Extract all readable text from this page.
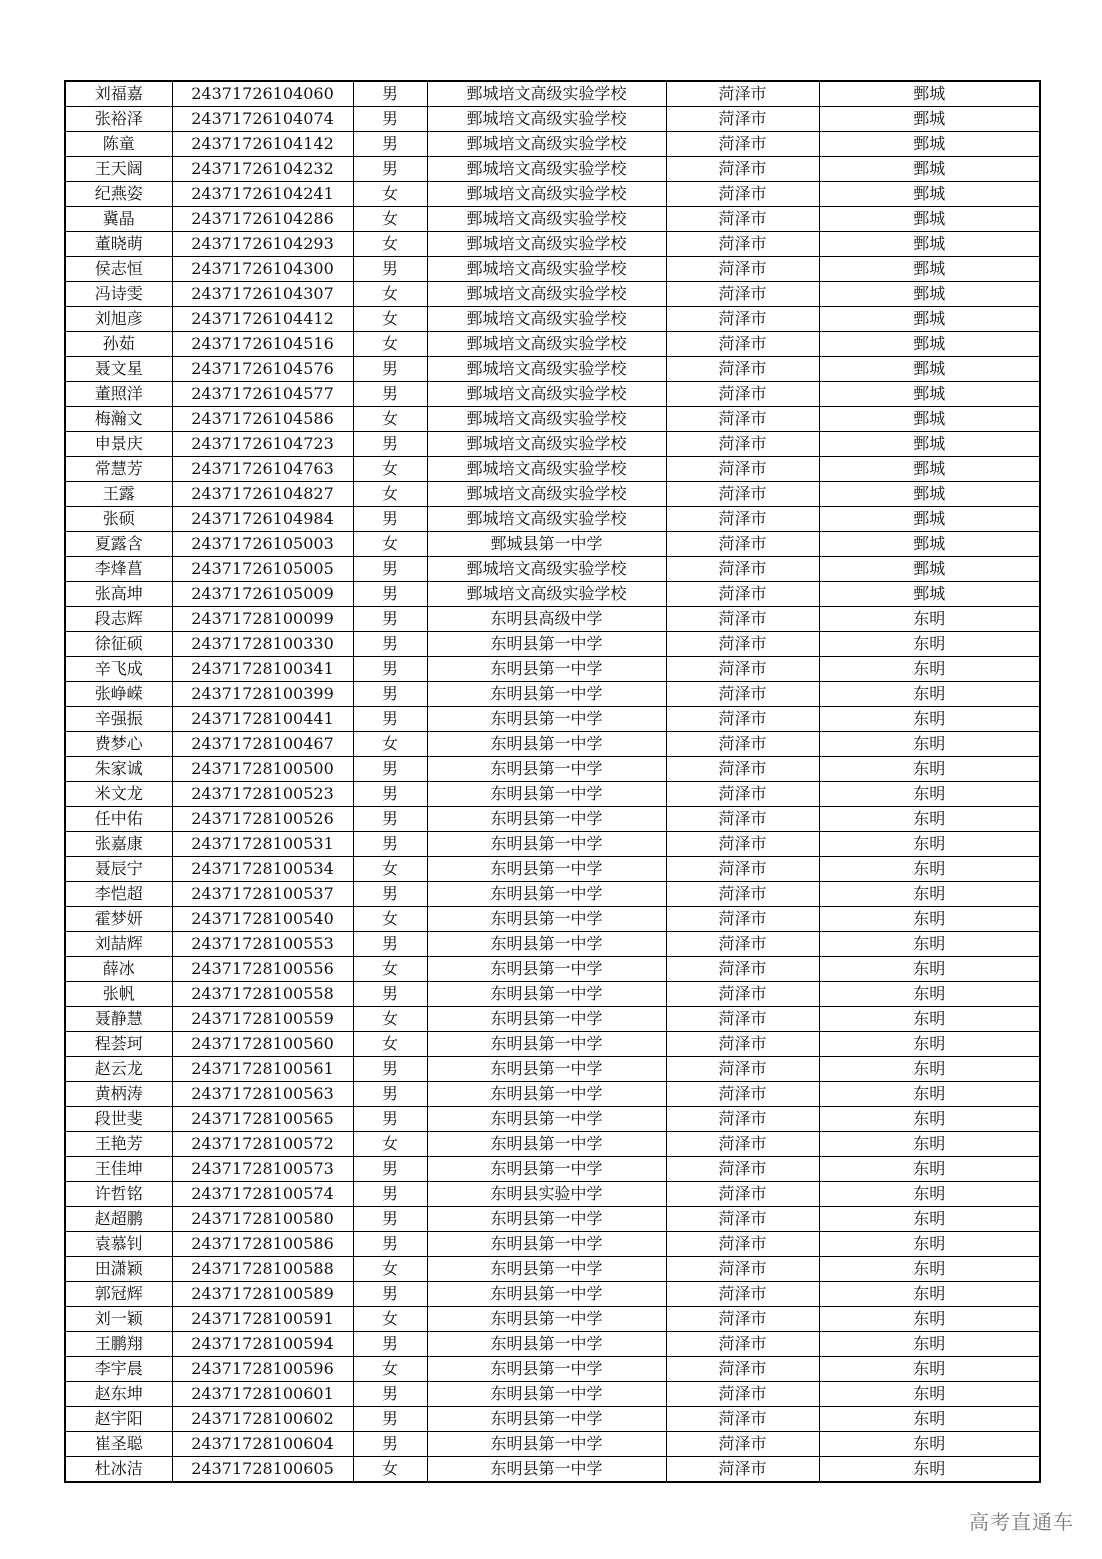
刘福嘉	24371726104060	男	鄄城培文高级实验学校	菏泽市	鄄城
张裕泽	24371726104074	男	鄄城培文高级实验学校	菏泽市	鄄城
陈童	24371726104142	男	鄄城培文高级实验学校	菏泽市	鄄城
王天阔	24371726104232	男	鄄城培文高级实验学校	菏泽市	鄄城
纪燕姿	24371726104241	女	鄄城培文高级实验学校	菏泽市	鄄城
冀晶	24371726104286	女	鄄城培文高级实验学校	菏泽市	鄄城
董晓萌	24371726104293	女	鄄城培文高级实验学校	菏泽市	鄄城
侯志恒	24371726104300	男	鄄城培文高级实验学校	菏泽市	鄄城
冯诗雯	24371726104307	女	鄄城培文高级实验学校	菏泽市	鄄城
刘旭彦	24371726104412	女	鄄城培文高级实验学校	菏泽市	鄄城
孙茹	24371726104516	女	鄄城培文高级实验学校	菏泽市	鄄城
聂文星	24371726104576	男	鄄城培文高级实验学校	菏泽市	鄄城
董照洋	24371726104577	男	鄄城培文高级实验学校	菏泽市	鄄城
梅瀚文	24371726104586	女	鄄城培文高级实验学校	菏泽市	鄄城
申景庆	24371726104723	男	鄄城培文高级实验学校	菏泽市	鄄城
常慧芳	24371726104763	女	鄄城培文高级实验学校	菏泽市	鄄城
王露	24371726104827	女	鄄城培文高级实验学校	菏泽市	鄄城
张硕	24371726104984	男	鄄城培文高级实验学校	菏泽市	鄄城
夏露含	24371726105003	女	鄄城县第一中学	菏泽市	鄄城
李烽菖	24371726105005	男	鄄城培文高级实验学校	菏泽市	鄄城
张高坤	24371726105009	男	鄄城培文高级实验学校	菏泽市	鄄城
段志辉	24371728100099	男	东明县高级中学	菏泽市	东明
徐征硕	24371728100330	男	东明县第一中学	菏泽市	东明
辛飞成	24371728100341	男	东明县第一中学	菏泽市	东明
张峥嵘	24371728100399	男	东明县第一中学	菏泽市	东明
辛强振	24371728100441	男	东明县第一中学	菏泽市	东明
费梦心	24371728100467	女	东明县第一中学	菏泽市	东明
朱家诚	24371728100500	男	东明县第一中学	菏泽市	东明
米文龙	24371728100523	男	东明县第一中学	菏泽市	东明
任中佑	24371728100526	男	东明县第一中学	菏泽市	东明
张嘉康	24371728100531	男	东明县第一中学	菏泽市	东明
聂辰宁	24371728100534	女	东明县第一中学	菏泽市	东明
李恺超	24371728100537	男	东明县第一中学	菏泽市	东明
霍梦妍	24371728100540	女	东明县第一中学	菏泽市	东明
刘喆辉	24371728100553	男	东明县第一中学	菏泽市	东明
薛冰	24371728100556	女	东明县第一中学	菏泽市	东明
张帆	24371728100558	男	东明县第一中学	菏泽市	东明
聂静慧	24371728100559	女	东明县第一中学	菏泽市	东明
程荟珂	24371728100560	女	东明县第一中学	菏泽市	东明
赵云龙	24371728100561	男	东明县第一中学	菏泽市	东明
黄柄涛	24371728100563	男	东明县第一中学	菏泽市	东明
段世斐	24371728100565	男	东明县第一中学	菏泽市	东明
王艳芳	24371728100572	女	东明县第一中学	菏泽市	东明
王佳坤	24371728100573	男	东明县第一中学	菏泽市	东明
许哲铭	24371728100574	男	东明县实验中学	菏泽市	东明
赵超鹏	24371728100580	男	东明县第一中学	菏泽市	东明
袁慕钊	24371728100586	男	东明县第一中学	菏泽市	东明
田潇颖	24371728100588	女	东明县第一中学	菏泽市	东明
郭冠辉	24371728100589	男	东明县第一中学	菏泽市	东明
刘一颖	24371728100591	女	东明县第一中学	菏泽市	东明
王鹏翔	24371728100594	男	东明县第一中学	菏泽市	东明
李宇晨	24371728100596	女	东明县第一中学	菏泽市	东明
赵东坤	24371728100601	男	东明县第一中学	菏泽市	东明
赵宇阳	24371728100602	男	东明县第一中学	菏泽市	东明
崔圣聪	24371728100604	男	东明县第一中学	菏泽市	东明
杜冰洁	24371728100605	女	东明县第一中学	菏泽市	东明
高考直通车
